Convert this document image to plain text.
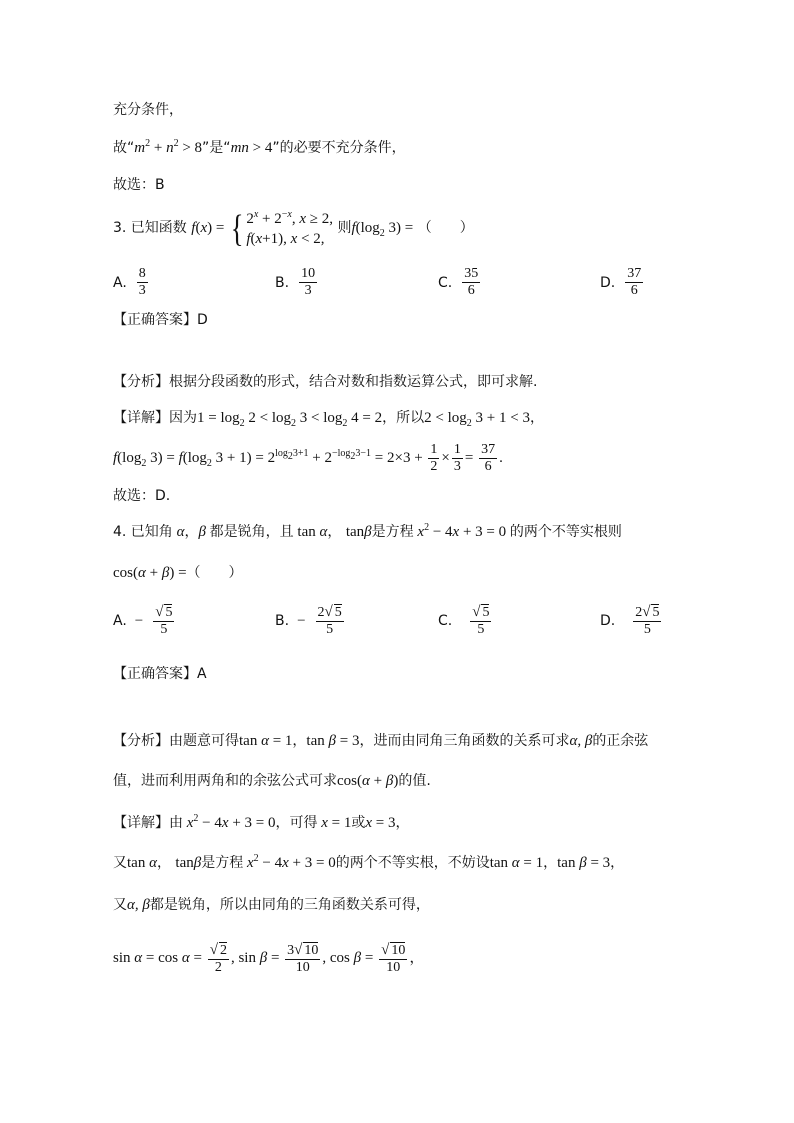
充分条件，
故“$m^2 + n^2 > 8$”是“mn > 4”的必要不充分条件，
故选：B
3. 已知函数 f(x) = { $2^x + 2^{-x}$, x ≥ 2,
f(x+1), x < 2,
则$f(\log_2$ 3) = （　　）
A. $\frac{8}{3}$	B. $\frac{10}{3}$	C. $\frac{35}{6}$	D. $\frac{37}{6}$
【正确答案】D
【分析】根据分段函数的形式，结合对数和指数运算公式，即可求解.
【详解】因为$1 = \log_2 2 < \log_2 3 < \log_2 4 = 2$，所以$2 < \log_2 3 + 1 < 3$，
$f(\log_2$ $3) = f(\log_2$ $3 + 1) = 2^{log_23+1} + 2^{-log_23-1} = 2\times 3 + \frac{1}{2} \times \frac{1}{3} = \frac{37}{6}$ .
故选：D.
4. 已知角 α，β 都是锐角，且 tan α， tanβ是方程 $x^2 - 4x + 3 = 0$ 的两个不等实根则
cos(α + β) =（　　）
A. − $\frac{√ 5}{5}$	B. − $\frac{2√ 5}{5}$	C. $\frac{√ 5}{5}$	D. $\frac{2√ 5}{5}$
【正确答案】A
【分析】由题意可得tan α = 1，tan β = 3，进而由同角三角函数的关系可求α, β的正余弦
值，进而利用两角和的余弦公式可求cos(α + β)的值.
【详解】由 $x^2 - 4x + 3 = 0$，可得 x = 1或x = 3，
又tan α， tanβ是方程 $x^2 - 4x + 3 = 0$的两个不等实根，不妨设tan α = 1，tan β = 3，
又α, β都是锐角，所以由同角的三角函数关系可得，
$\sin \alpha = \cos \alpha = \frac{√ 2}{2}$ , $\sin \beta = \frac{3√ 10}{10}$ , $\cos \beta = \frac{√ 10}{10}$ ，
